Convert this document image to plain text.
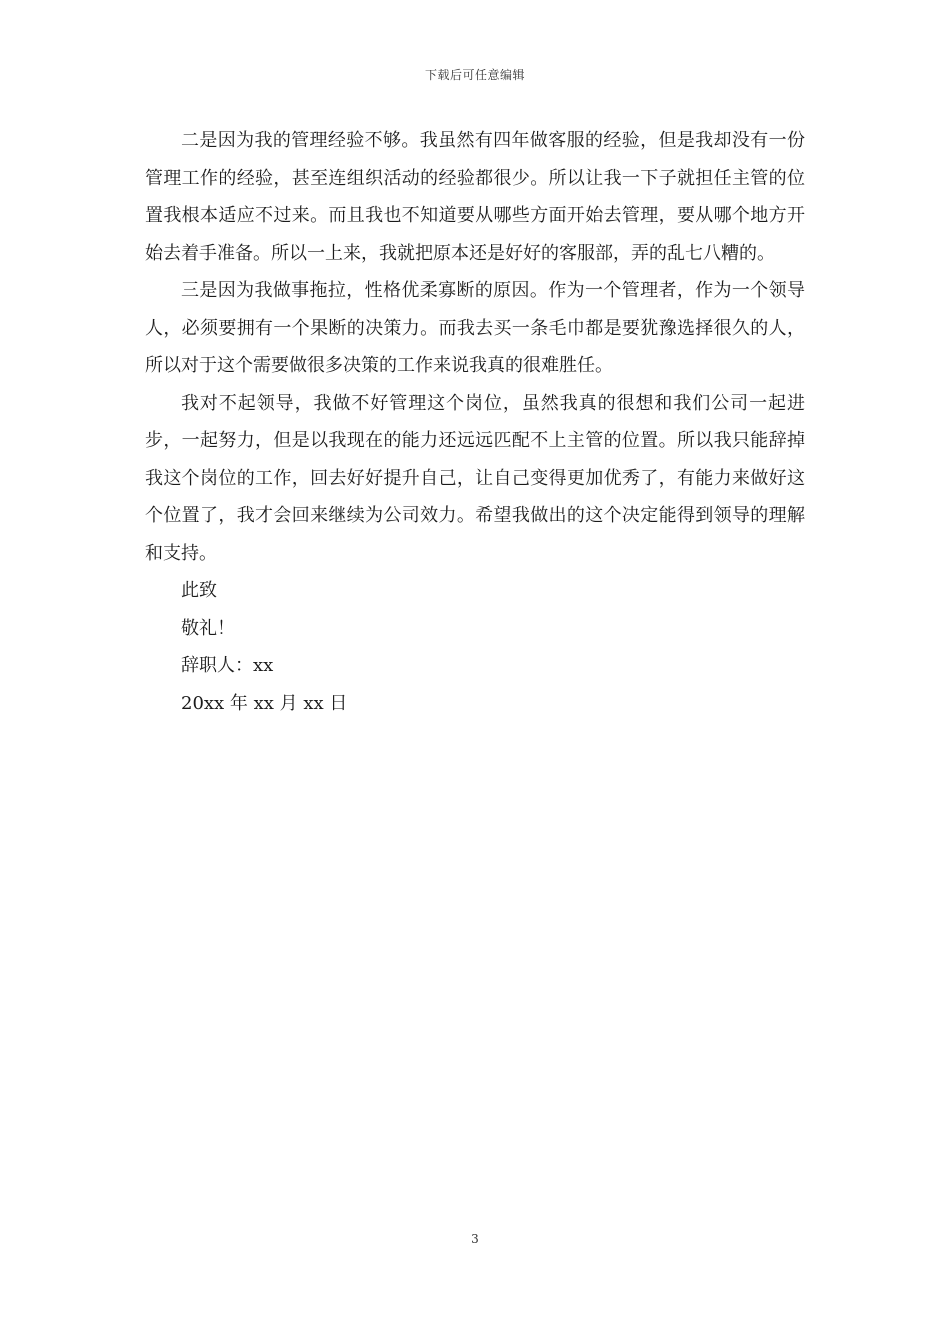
下载后可任意编辑

二是因为我的管理经验不够。我虽然有四年做客服的经验，但是我却没有一份管理工作的经验，甚至连组织活动的经验都很少。所以让我一下子就担任主管的位置我根本适应不过来。而且我也不知道要从哪些方面开始去管理，要从哪个地方开始去着手准备。所以一上来，我就把原本还是好好的客服部，弄的乱七八糟的。

三是因为我做事拖拉，性格优柔寡断的原因。作为一个管理者，作为一个领导人，必须要拥有一个果断的决策力。而我去买一条毛巾都是要犹豫选择很久的人，所以对于这个需要做很多决策的工作来说我真的很难胜任。

我对不起领导，我做不好管理这个岗位，虽然我真的很想和我们公司一起进步，一起努力，但是以我现在的能力还远远匹配不上主管的位置。所以我只能辞掉我这个岗位的工作，回去好好提升自己，让自己变得更加优秀了，有能力来做好这个位置了，我才会回来继续为公司效力。希望我做出的这个决定能得到领导的理解和支持。

此致

敬礼！

辞职人：xx

20xx 年 xx 月 xx 日

3
